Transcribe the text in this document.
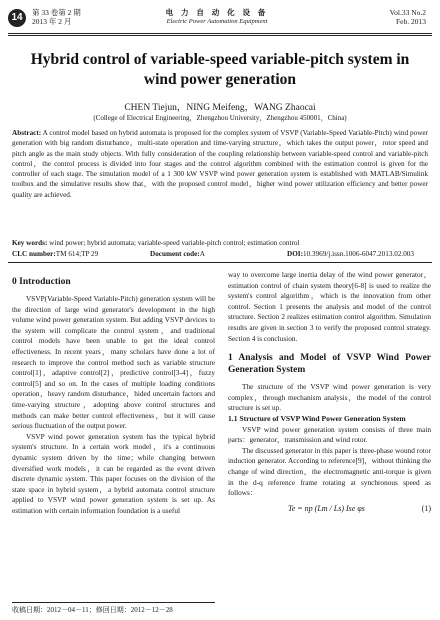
14	第 33 卷第 2 期
2013 年 2 月
电 力 自 动 化 设 备
Electric Power Automation Equipment
Vol.33 No.2
Feb. 2013
Hybrid control of variable-speed variable-pitch system in wind power generation
CHEN Tiejun，NING Meifeng，WANG Zhaocai
(College of Electrical Engineering，Zhengzhou University，Zhengzhou 450001，China)
Abstract: A control model based on hybrid automata is proposed for the complex system of VSVP (Variable-Speed Variable-Pitch) wind power generation with big random disturbance，multi-state operation and time-varying structure，which takes the output power，rotor speed and pitch angle as the main study objects. With fully consideration of the coupling relationship between variable-speed control and variable-pitch control，the control process is divided into four stages and the control algorithm combined with the estimation control is given for the controller of each stage. The simulation model of a 1 300 kW VSVP wind power generation system is established with MATLAB/Simulink toolbox and the simulative results show that，with the proposed control model，higher wind power utilization efficiency and better power quality are achieved.
Key words: wind power; hybrid automata; variable-speed variable-pitch control; estimation control
CLC number:TM 614;TP 29	Document code:A	DOI:10.3969/j.issn.1006-6047.2013.02.003
0 Introduction

VSVP(Variable-Speed Variable-Pitch) generation system will be the direction of large wind generator's development in the high volume wind power generation system. But adding VSVP devices to the system will complicate the control system，and traditional control models have been unable to get the ideal control effectiveness. In recent years，many scholars have done a lot of research to improve the control method such as variable structure control[1]，adaptive control[2]，predictive control[3-4]，fuzzy control[5] and so on. In the cases of multiple loading conditions operation，heavy random disturbance，hided uncertain factors and time-varying structure，adopting above control structures and methods can make better control effectiveness，but it will cause serious fluctuation of the output power.

VSVP wind power generation system has the typical hybrid system's structure. In a certain work model，it's a continuous dynamic system driven by the time；while changing between diversified work models，it can be regarded as the event driven discrete dynamic system. This paper focuses on the division of the state space in hybrid system，a hybrid automata control structure applied to VSVP wind power generation system is set up. As estimation with certain information foundation is a useful

way to overcome large inertia delay of the wind power generator，estimation control of chain system theory[6-8] is used to realize the system's control algorithm，which is the innovation from other control. Section 1 presents the analysis and model of the control structure. Section 2 realizes estimation control algorithm. Simulation results are given in section 3 to verify the proposed control strategy. Section 4 is conclusion.

1 Analysis and Model of VSVP Wind Power Generation System

The structure of the VSVP wind power generation is very complex，through mechanism analysis，the model of the control structure is set up.

1.1 Structure of VSVP Wind Power Generation System

VSVP wind power generation system consists of three main parts：generator，transmission and wind rotor.

The discussed generator in this paper is three-phase wound rotor induction generator. According to reference[9]，without thinking the change of wind direction，the electromagnetic anti-torque is given in the d-q reference frame rotating at synchronous speed as follows：

Te = np (Lm / Ls) Ise φs	(1)
收稿日期：2012－04－11；修回日期：2012－12－28
